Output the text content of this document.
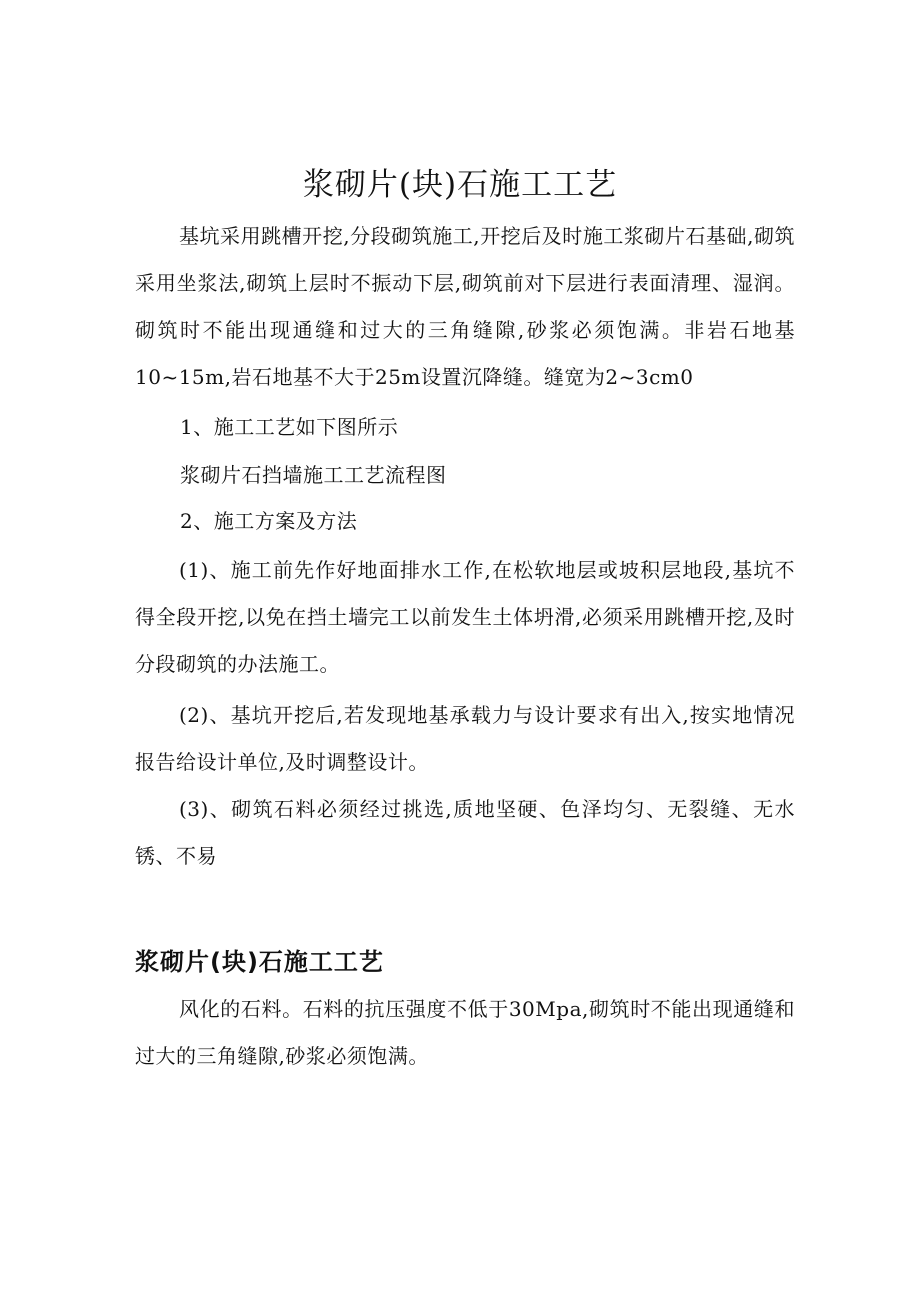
浆砌片(块)石施工工艺

基坑采用跳槽开挖,分段砌筑施工,开挖后及时施工浆砌片石基础,砌筑采用坐浆法,砌筑上层时不振动下层,砌筑前对下层进行表面清理、湿润。砌筑时不能出现通缝和过大的三角缝隙,砂浆必须饱满。非岩石地基10~15m,岩石地基不大于25m设置沉降缝。缝宽为2~3cm0

1、施工工艺如下图所示
浆砌片石挡墙施工工艺流程图
2、施工方案及方法

(1)、施工前先作好地面排水工作,在松软地层或坡积层地段,基坑不得全段开挖,以免在挡土墙完工以前发生土体坍滑,必须采用跳槽开挖,及时分段砌筑的办法施工。

(2)、基坑开挖后,若发现地基承载力与设计要求有出入,按实地情况报告给设计单位,及时调整设计。

(3)、砌筑石料必须经过挑选,质地坚硬、色泽均匀、无裂缝、无水锈、不易

浆砌片(块)石施工工艺

风化的石料。石料的抗压强度不低于30Mpa,砌筑时不能出现通缝和过大的三角缝隙,砂浆必须饱满。
